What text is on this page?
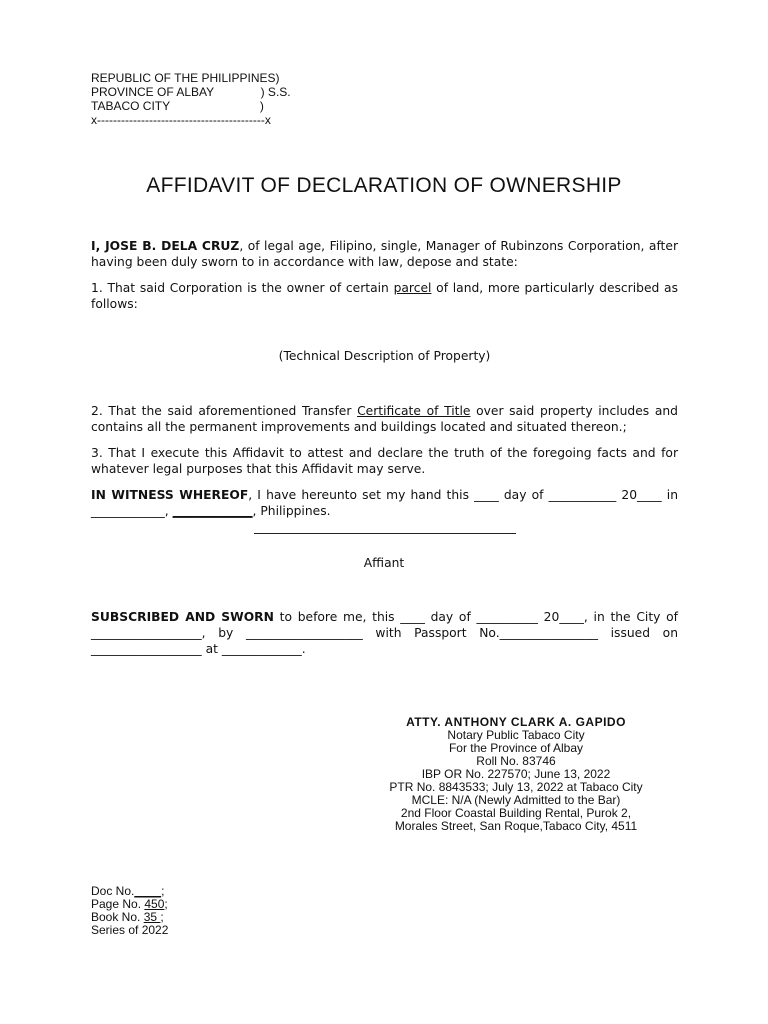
REPUBLIC OF THE PHILIPPINES)
PROVINCE OF ALBAY              ) S.S.
TABACO CITY                           )
x------------------------------------------x
AFFIDAVIT OF DECLARATION OF OWNERSHIP
I, JOSE B. DELA CRUZ, of legal age, Filipino, single, Manager of Rubinzons Corporation, after having been duly sworn to in accordance with law, depose and state:
1. That said Corporation is the owner of certain parcel of land, more particularly described as follows:
(Technical Description of Property)
2. That the said aforementioned Transfer Certificate of Title over said property includes and contains all the permanent improvements and buildings located and situated thereon.;
3. That I execute this Affidavit to attest and declare the truth of the foregoing facts and for whatever legal purposes that this Affidavit may serve.
IN WITNESS WHEREOF, I have hereunto set my hand this ____ day of ___________ 20____ in ____________, _____________, Philippines.
Affiant
SUBSCRIBED AND SWORN to before me, this ____ day of __________ 20____, in the City of __________________, by ___________________ with Passport No.________________ issued on __________________ at _____________.
ATTY. ANTHONY CLARK A. GAPIDO
Notary Public Tabaco City
For the Province of Albay
Roll No. 83746
IBP OR No. 227570; June 13, 2022
PTR No. 8843533; July 13, 2022 at Tabaco City
MCLE: N/A (Newly Admitted to the Bar)
2nd Floor Coastal Building Rental, Purok 2,
Morales Street, San Roque,Tabaco City, 4511
Doc No.____;
Page No. 450;
Book No. 35 ;
Series of 2022
